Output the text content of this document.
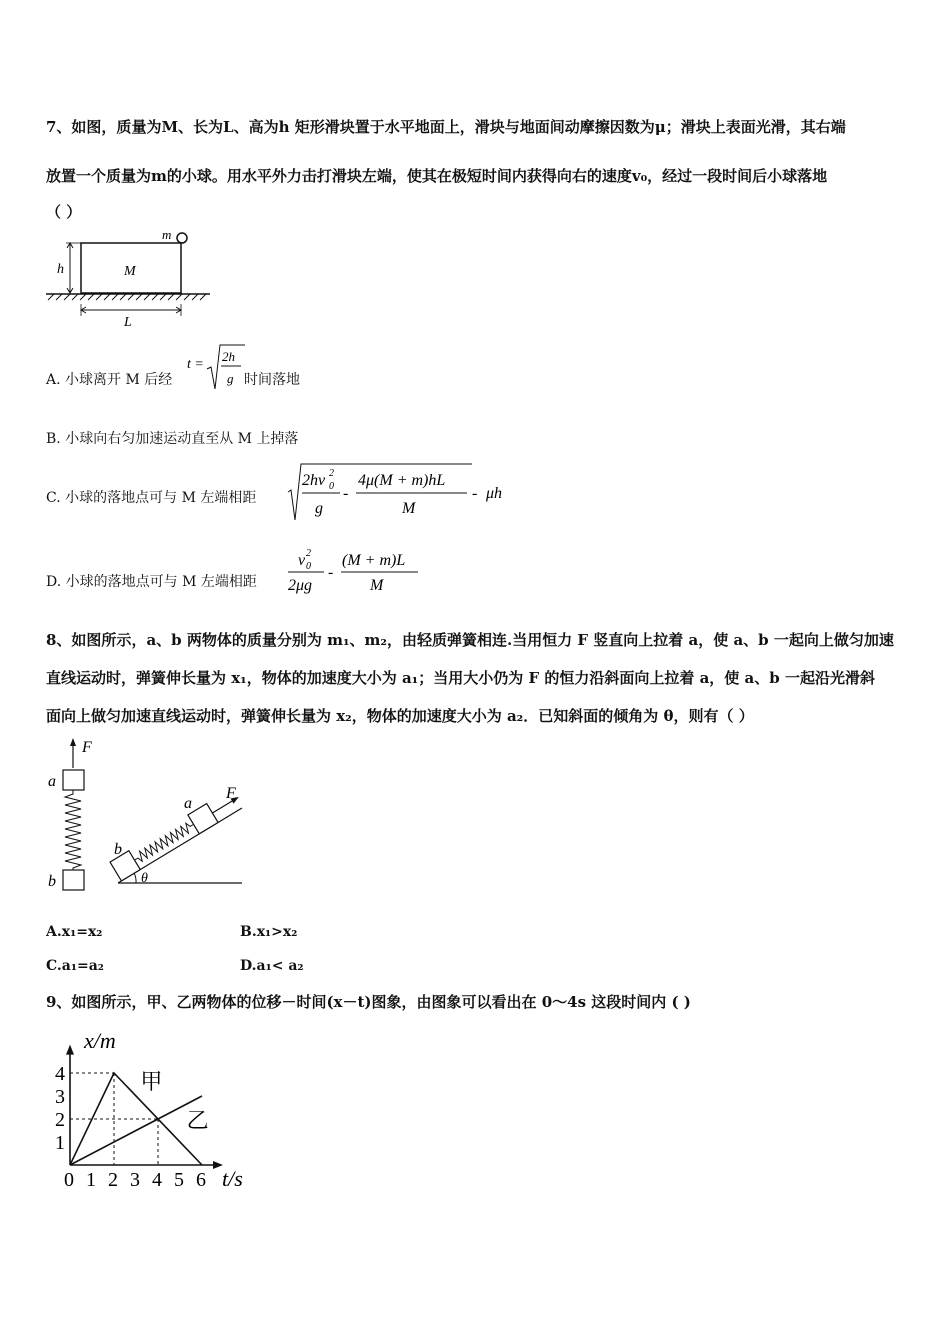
7、如图，质量为M、长为L、高为h 矩形滑块置于水平地面上，滑块与地面间动摩擦因数为μ；滑块上表面光滑，其右端
放置一个质量为m的小球。用水平外力击打滑块左端，使其在极短时间内获得向右的速度v₀，经过一段时间后小球落地
（ ）
m
M
h
L
A. 小球离开 M 后经
t =
2h
g 时间落地
B. 小球向右匀加速运动直至从 M 上掉落
C. 小球的落地点可与 M 左端相距
2hv 2
0
g
-
4μ(M + m)hL
M
- μh
D. 小球的落地点可与 M 左端相距
v 2
0
2μg
-
(M + m)L
M
8、如图所示，a、b 两物体的质量分别为 m₁、m₂，由轻质弹簧相连.当用恒力 F 竖直向上拉着 a，使 a、b 一起向上做匀加速
直线运动时，弹簧伸长量为 x₁，物体的加速度大小为 a₁；当用大小仍为 F 的恒力沿斜面向上拉着 a，使 a、b 一起沿光滑斜
面向上做匀加速直线运动时，弹簧伸长量为 x₂，物体的加速度大小为 a₂．已知斜面的倾角为 θ，则有（ ）
F
a
b	θ
b
a
F
A.x₁=x₂	B.x₁>x₂
C.a₁=a₂	D.a₁< a₂
9、如图所示，甲、乙两物体的位移－时间(x－t)图象，由图象可以看出在 0～4s 这段时间内 ( )
0 1 2 3 4 5 6
1
2
3
4
x/m
t/s
甲
乙
